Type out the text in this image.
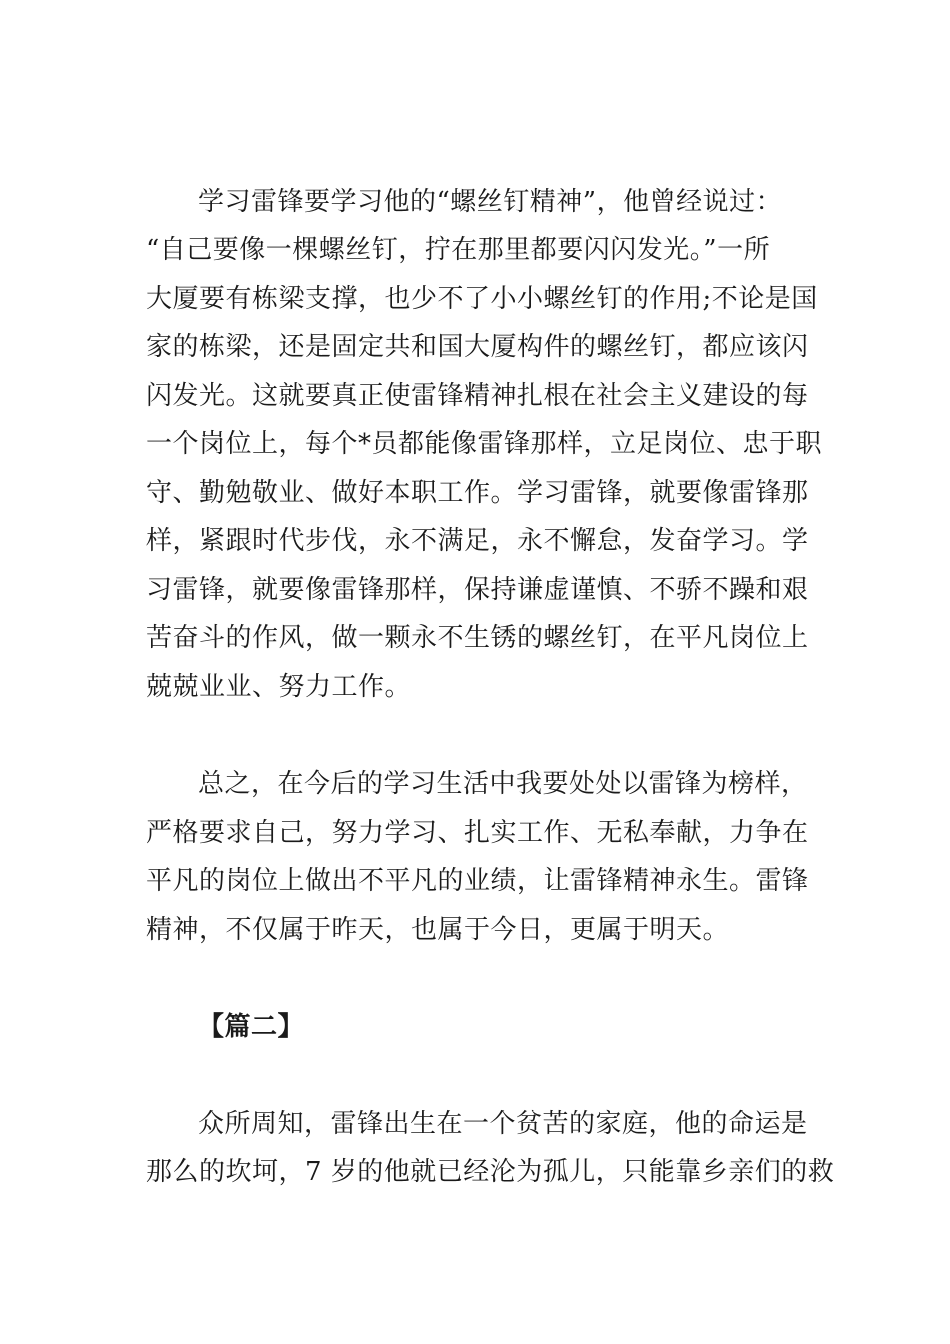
学习雷锋要学习他的“螺丝钉精神”，他曾经说过：
“自己要像一棵螺丝钉，拧在那里都要闪闪发光。”一所
大厦要有栋梁支撑，也少不了小小螺丝钉的作用;不论是国
家的栋梁，还是固定共和国大厦构件的螺丝钉，都应该闪
闪发光。这就要真正使雷锋精神扎根在社会主义建设的每
一个岗位上，每个*员都能像雷锋那样，立足岗位、忠于职
守、勤勉敬业、做好本职工作。学习雷锋，就要像雷锋那
样，紧跟时代步伐，永不满足，永不懈怠，发奋学习。学
习雷锋，就要像雷锋那样，保持谦虚谨慎、不骄不躁和艰
苦奋斗的作风，做一颗永不生锈的螺丝钉，在平凡岗位上
兢兢业业、努力工作。
总之，在今后的学习生活中我要处处以雷锋为榜样，
严格要求自己，努力学习、扎实工作、无私奉献，力争在
平凡的岗位上做出不平凡的业绩，让雷锋精神永生。雷锋
精神，不仅属于昨天，也属于今日，更属于明天。
【篇二】
众所周知，雷锋出生在一个贫苦的家庭，他的命运是
那么的坎坷，7 岁的他就已经沦为孤儿，只能靠乡亲们的救
